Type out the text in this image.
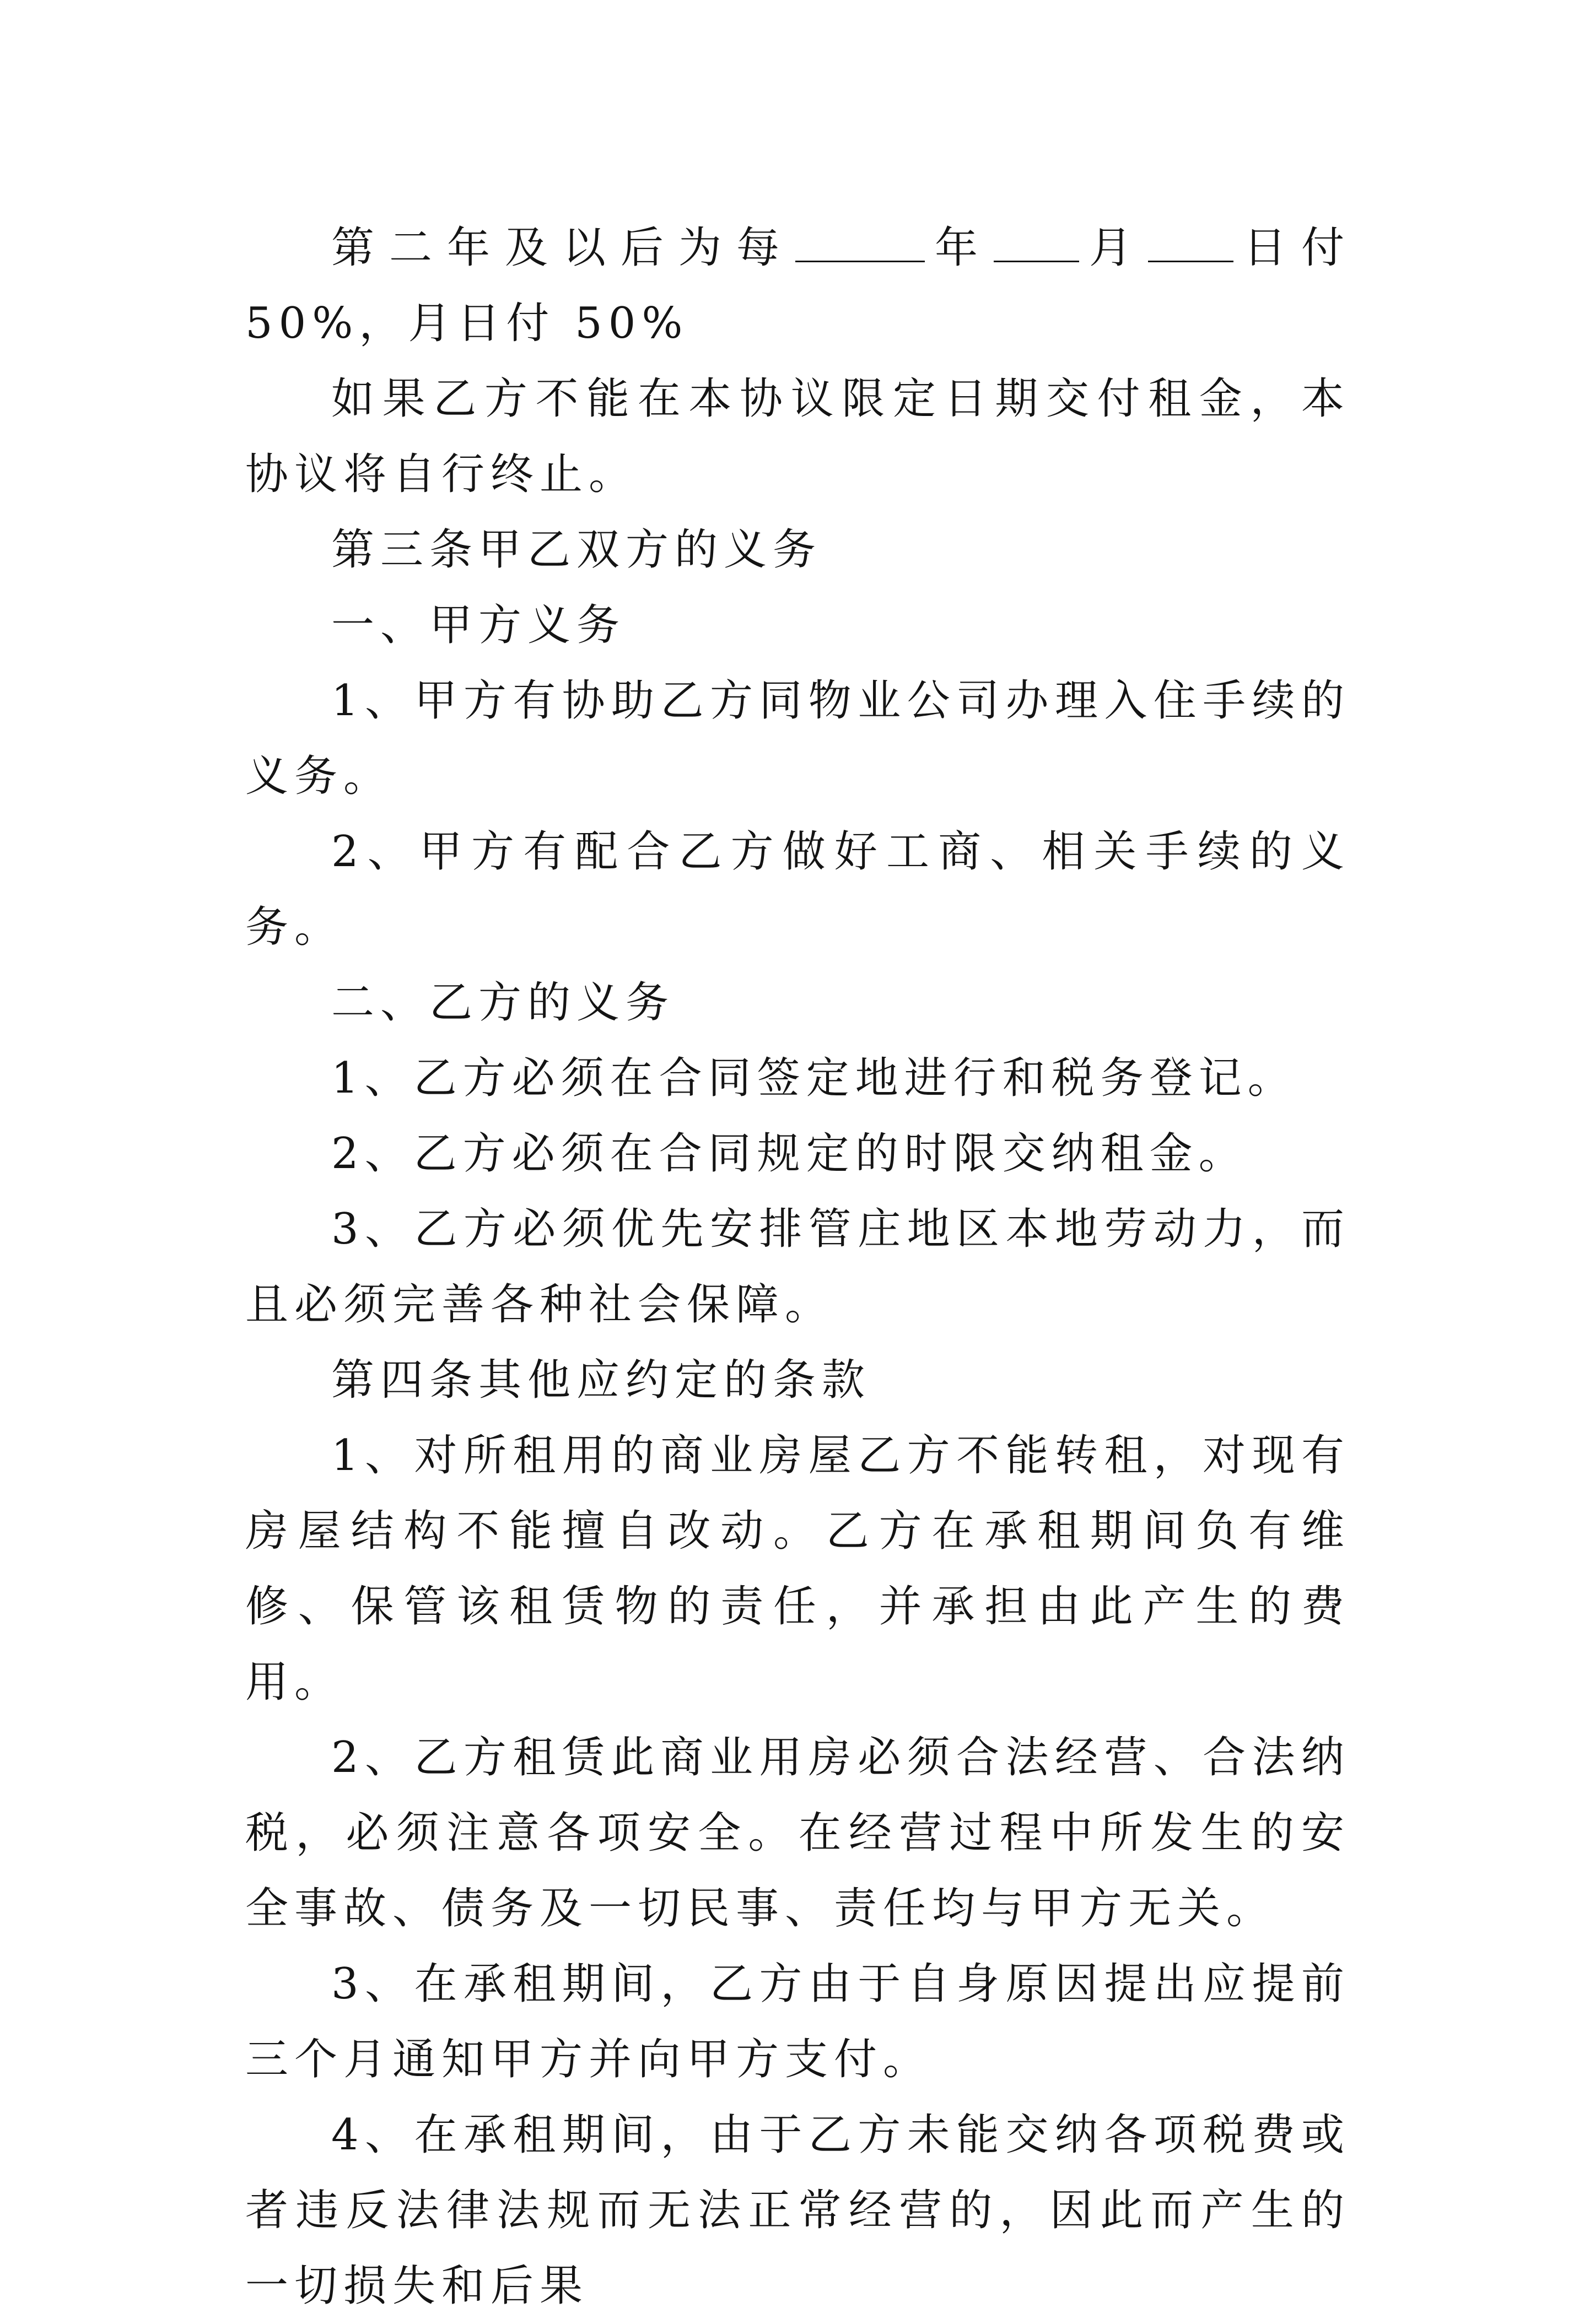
第二年及以后为每	年 月 日付 50%，月日付 50%

如果乙方不能在本协议限定日期交付租金，本协议将自行终止。

第三条甲乙双方的义务

一、甲方义务

1、甲方有协助乙方同物业公司办理入住手续的义务。

2、甲方有配合乙方做好工商、相关手续的义务。

二、乙方的义务

1、乙方必须在合同签定地进行和税务登记。

2、乙方必须在合同规定的时限交纳租金。

3、乙方必须优先安排管庄地区本地劳动力，而且必须完善各种社会保障。

第四条其他应约定的条款

1、对所租用的商业房屋乙方不能转租，对现有房屋结构不能擅自改动。乙方在承租期间负有维修、保管该租赁物的责任，并承担由此产生的费用。

2、乙方租赁此商业用房必须合法经营、合法纳税，必须注意各项安全。在经营过程中所发生的安全事故、债务及一切民事、责任均与甲方无关。

3、在承租期间，乙方由于自身原因提出应提前三个月通知甲方并向甲方支付。

4、在承租期间，由于乙方未能交纳各项税费或者违反法律法规而无法正常经营的，因此而产生的一切损失和后果
